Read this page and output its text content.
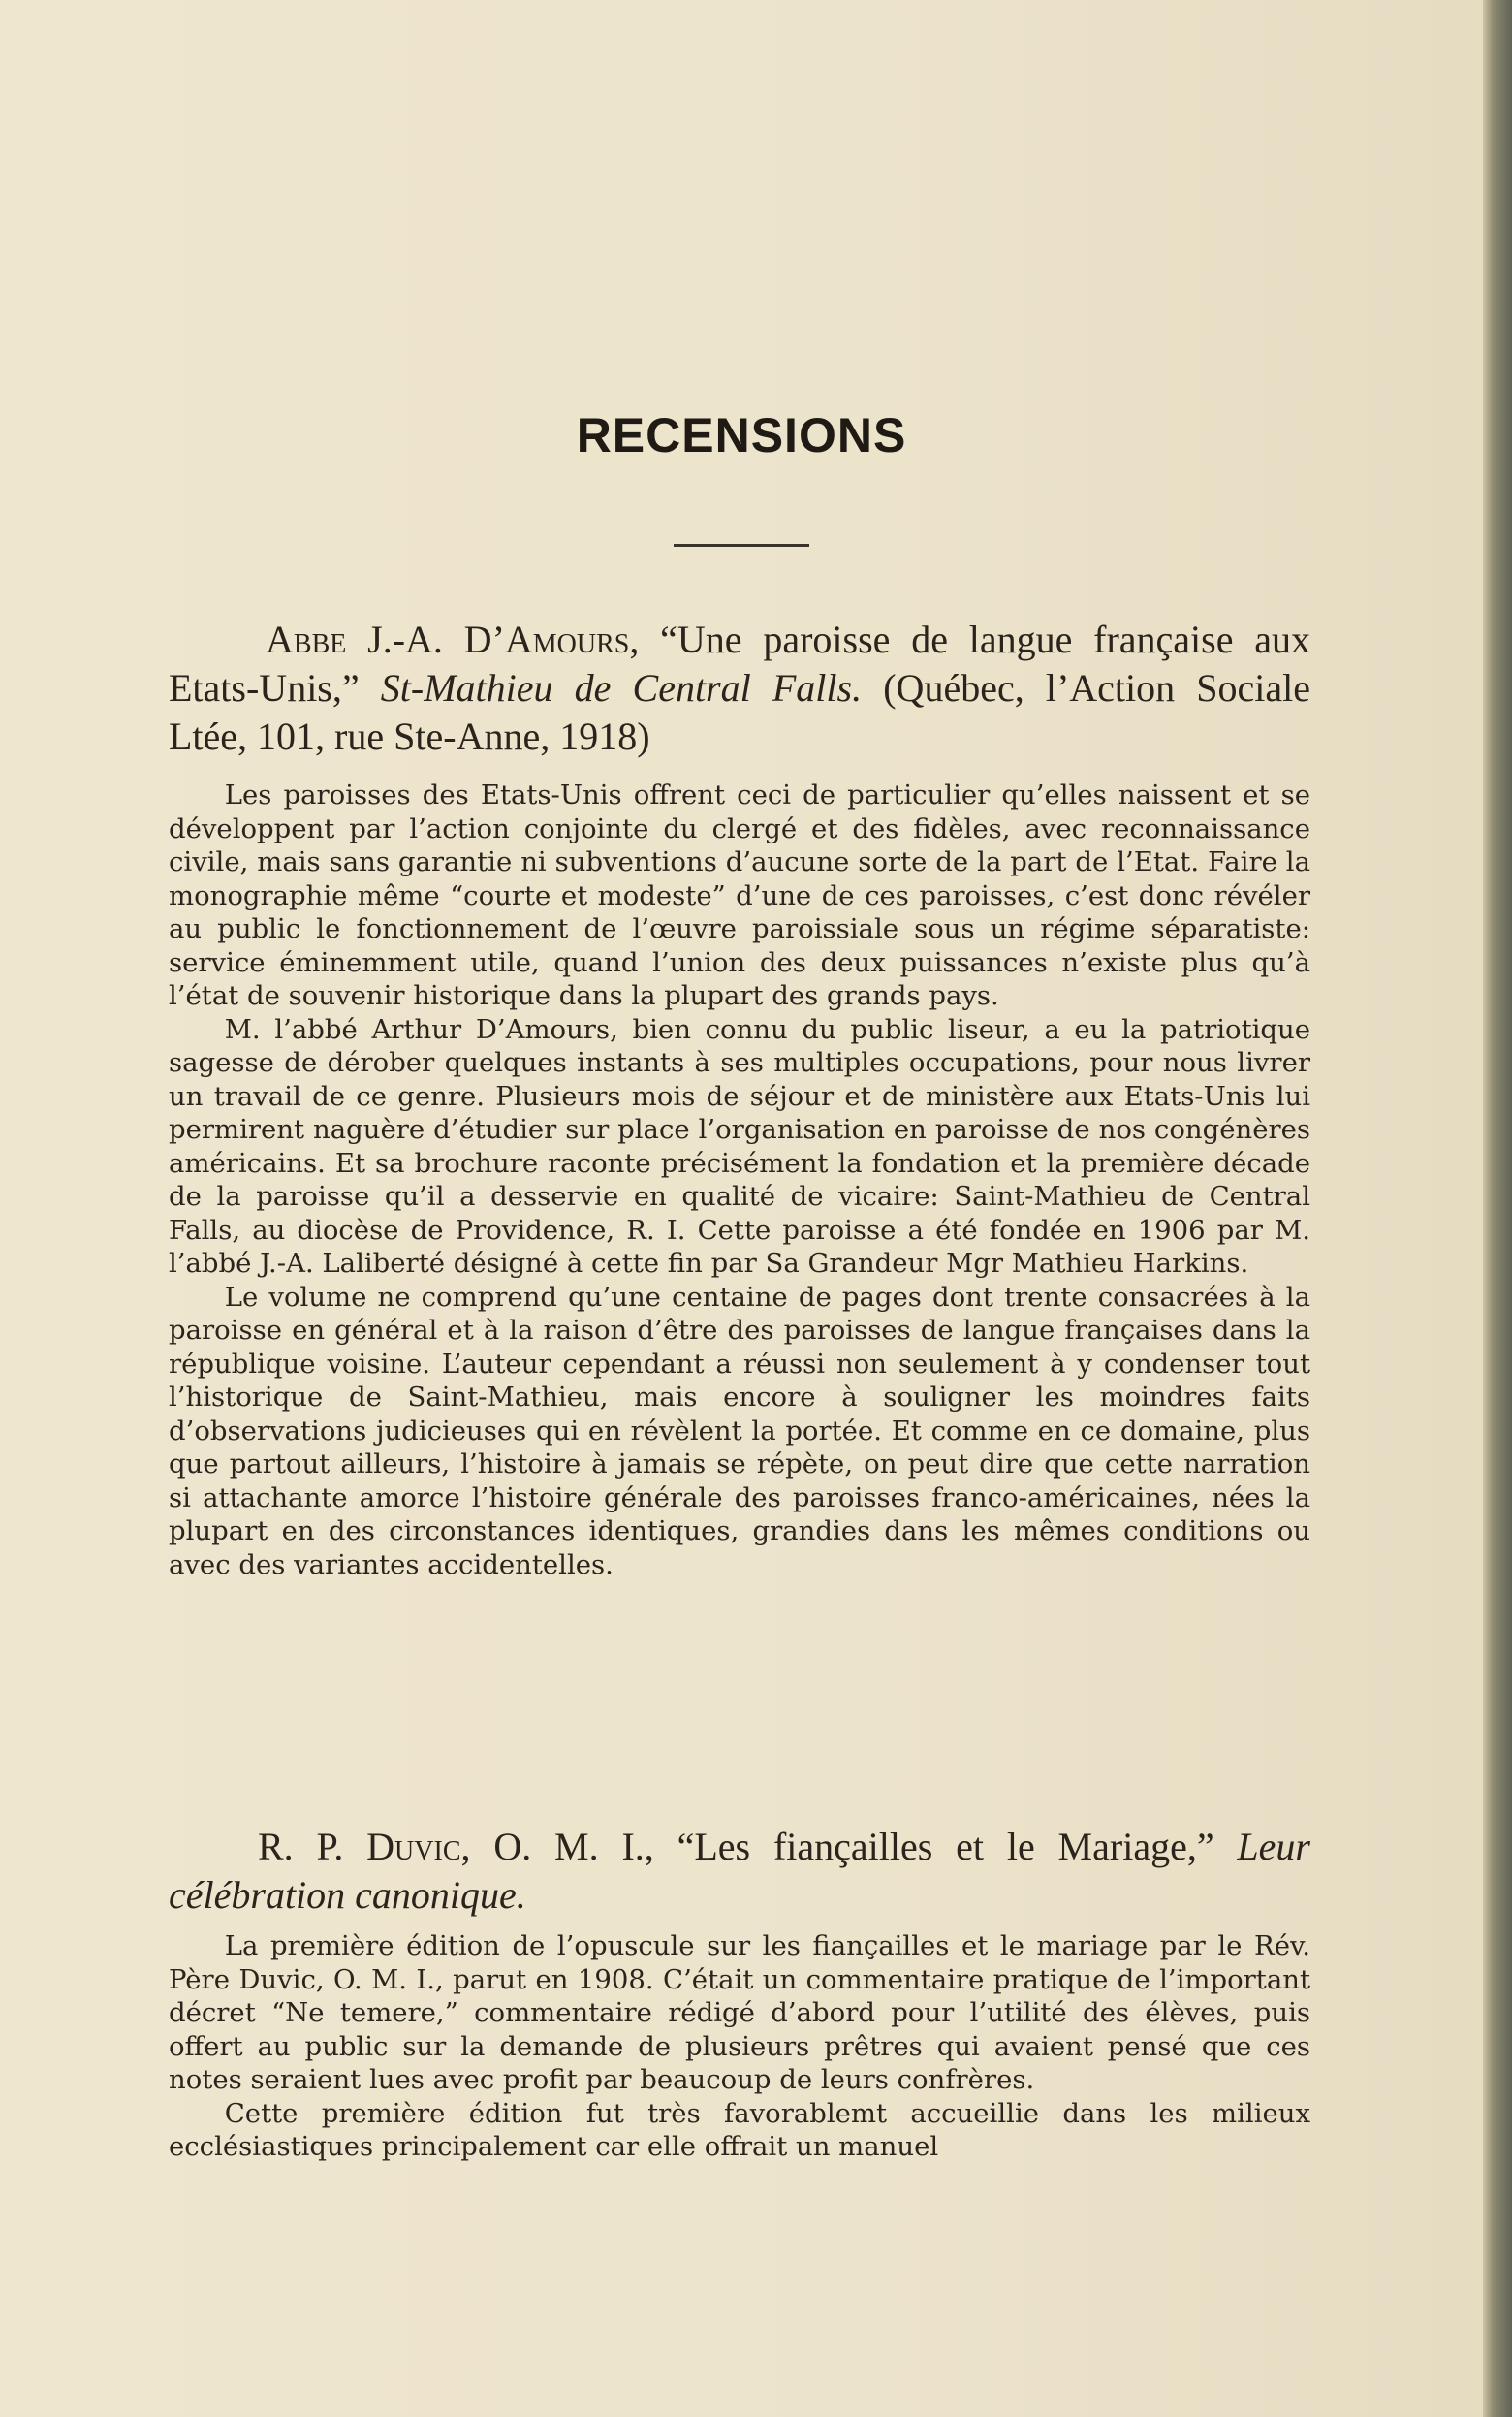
RECENSIONS

Abbe J.-A. D’Amours, “Une paroisse de langue française aux Etats-Unis,” St-Mathieu de Central Falls. (Québec, l’Action Sociale Ltée, 101, rue Ste-Anne, 1918)

Les paroisses des Etats-Unis offrent ceci de particulier qu’elles naissent et se développent par l’action conjointe du clergé et des fidèles, avec reconnaissance civile, mais sans garantie ni subventions d’aucune sorte de la part de l’Etat. Faire la monographie même “courte et modeste” d’une de ces paroisses, c’est donc révéler au public le fonctionnement de l’œuvre paroissiale sous un régime séparatiste: service éminemment utile, quand l’union des deux puissances n’existe plus qu’à l’état de souvenir historique dans la plupart des grands pays.

M. l’abbé Arthur D’Amours, bien connu du public liseur, a eu la patriotique sagesse de dérober quelques instants à ses multiples occupations, pour nous livrer un travail de ce genre. Plusieurs mois de séjour et de ministère aux Etats-Unis lui permirent naguère d’étudier sur place l’organisation en paroisse de nos congénères américains. Et sa brochure raconte précisément la fondation et la première décade de la paroisse qu’il a desservie en qualité de vicaire: Saint-Mathieu de Central Falls, au diocèse de Providence, R. I. Cette paroisse a été fondée en 1906 par M. l’abbé J.-A. Laliberté désigné à cette fin par Sa Grandeur Mgr Mathieu Harkins.

Le volume ne comprend qu’une centaine de pages dont trente consacrées à la paroisse en général et à la raison d’être des paroisses de langue françaises dans la république voisine. L’auteur cependant a réussi non seulement à y condenser tout l’historique de Saint-Mathieu, mais encore à souligner les moindres faits d’observations judicieuses qui en révèlent la portée. Et comme en ce domaine, plus que partout ailleurs, l’histoire à jamais se répète, on peut dire que cette narration si attachante amorce l’histoire générale des paroisses franco-américaines, nées la plupart en des circonstances identiques, grandies dans les mêmes conditions ou avec des variantes accidentelles.

R. P. Duvic, O. M. I., “Les fiançailles et le Mariage,” Leur célébration canonique.

La première édition de l’opuscule sur les fiançailles et le mariage par le Rév. Père Duvic, O. M. I., parut en 1908. C’était un commentaire pratique de l’important décret “Ne temere,” commentaire rédigé d’abord pour l’utilité des élèves, puis offert au public sur la demande de plusieurs prêtres qui avaient pensé que ces notes seraient lues avec profit par beaucoup de leurs confrères.

Cette première édition fut très favorablemt accueillie dans les milieux ecclésiastiques principalement car elle offrait un manuel
